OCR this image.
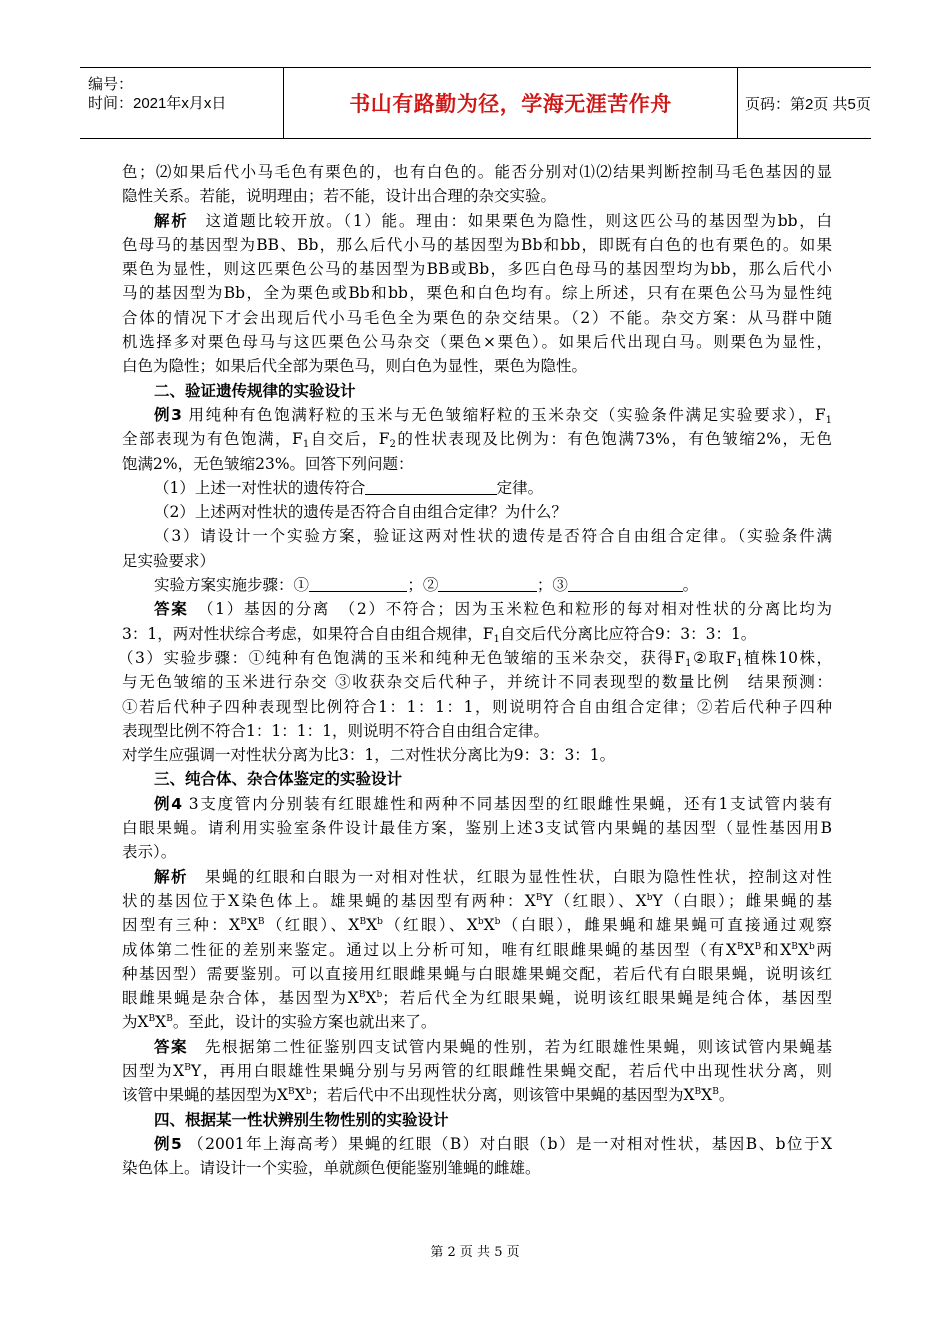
编号：
时间：2021年x月x日	书山有路勤为径，学海无涯苦作舟	页码：第2页 共5页
色；⑵如果后代小马毛色有栗色的，也有白色的。能否分别对⑴⑵结果判断控制马毛色基因的显
隐性关系。若能，说明理由；若不能，设计出合理的杂交实验。
解析　这道题比较开放。（1）能。理由：如果栗色为隐性，则这匹公马的基因型为bb，白
色母马的基因型为BB、Bb，那么后代小马的基因型为Bb和bb，即既有白色的也有栗色的。如果
栗色为显性，则这匹栗色公马的基因型为BB或Bb，多匹白色母马的基因型均为bb，那么后代小
马的基因型为Bb，全为栗色或Bb和bb，栗色和白色均有。综上所述，只有在栗色公马为显性纯
合体的情况下才会出现后代小马毛色全为栗色的杂交结果。（2）不能。杂交方案：从马群中随
机选择多对栗色母马与这匹栗色公马杂交（栗色×栗色）。如果后代出现白马。则栗色为显性，
白色为隐性；如果后代全部为栗色马，则白色为显性，栗色为隐性。
二、验证遗传规律的实验设计
例3 用纯种有色饱满籽粒的玉米与无色皱缩籽粒的玉米杂交（实验条件满足实验要求），$F_1$
全部表现为有色饱满，$F_1$自交后，$F_2$的性状表现及比例为：有色饱满73%，有色皱缩2%，无色
饱满2%，无色皱缩23%。回答下列问题：
（1）上述一对性状的遗传符合	定律。
（2）上述两对性状的遗传是否符合自由组合定律？为什么？
（3）请设计一个实验方案，验证这两对性状的遗传是否符合自由组合定律。（实验条件满
足实验要求）
实验方案实施步骤：①	；②	；③	。
答案　（1）基因的分离　（2）不符合；因为玉米粒色和粒形的每对相对性状的分离比均为
3：1，两对性状综合考虑，如果符合自由组合规律，$F_1$自交后代分离比应符合9：3：3：1。
（3）实验步骤：①纯种有色饱满的玉米和纯种无色皱缩的玉米杂交，获得$F_1②$取$F_1$植株10株，
与无色皱缩的玉米进行杂交 ③收获杂交后代种子，并统计不同表现型的数量比例　结果预测：
①若后代种子四种表现型比例符合1：1：1：1，则说明符合自由组合定律；②若后代种子四种
表现型比例不符合1：1：1：1，则说明不符合自由组合定律。
对学生应强调一对性状分离为比3：1，二对性状分离比为9：3：3：1。
三、纯合体、杂合体鉴定的实验设计
例4 3支度管内分别装有红眼雄性和两种不同基因型的红眼雌性果蝇，还有1支试管内装有
白眼果蝇。请利用实验室条件设计最佳方案，鉴别上述3支试管内果蝇的基因型（显性基因用B
表示）。
解析　果蝇的红眼和白眼为一对相对性状，红眼为显性性状，白眼为隐性性状，控制这对性
状的基因位于X染色体上。雄果蝇的基因型有两种：$X^BY$（红眼）、$X^bY$（白眼）；雌果蝇的基
因型有三种：$X^BX^B$（红眼）、$X^BX^b$（红眼）、$X^bX^b$（白眼），雌果蝇和雄果蝇可直接通过观察
成体第二性征的差别来鉴定。通过以上分析可知，唯有红眼雌果蝇的基因型（有$X^BX^B$和$X^BX^b$两
种基因型）需要鉴别。可以直接用红眼雌果蝇与白眼雄果蝇交配，若后代有白眼果蝇，说明该红
眼雌果蝇是杂合体，基因型为$X^BX^b$；若后代全为红眼果蝇，说明该红眼果蝇是纯合体，基因型
为$X^BX^B$。至此，设计的实验方案也就出来了。
答案　先根据第二性征鉴别四支试管内果蝇的性别，若为红眼雄性果蝇，则该试管内果蝇基
因型为$X^BY$，再用白眼雄性果蝇分别与另两管的红眼雌性果蝇交配，若后代中出现性状分离，则
该管中果蝇的基因型为$X^BX^b$；若后代中不出现性状分离，则该管中果蝇的基因型为$X^BX^B$。
四、根据某一性状辨别生物性别的实验设计
例5 （2001年上海高考）果蝇的红眼（B）对白眼（b）是一对相对性状，基因B、b位于X
染色体上。请设计一个实验，单就颜色便能鉴别雏蝇的雌雄。
第 2 页 共 5 页
